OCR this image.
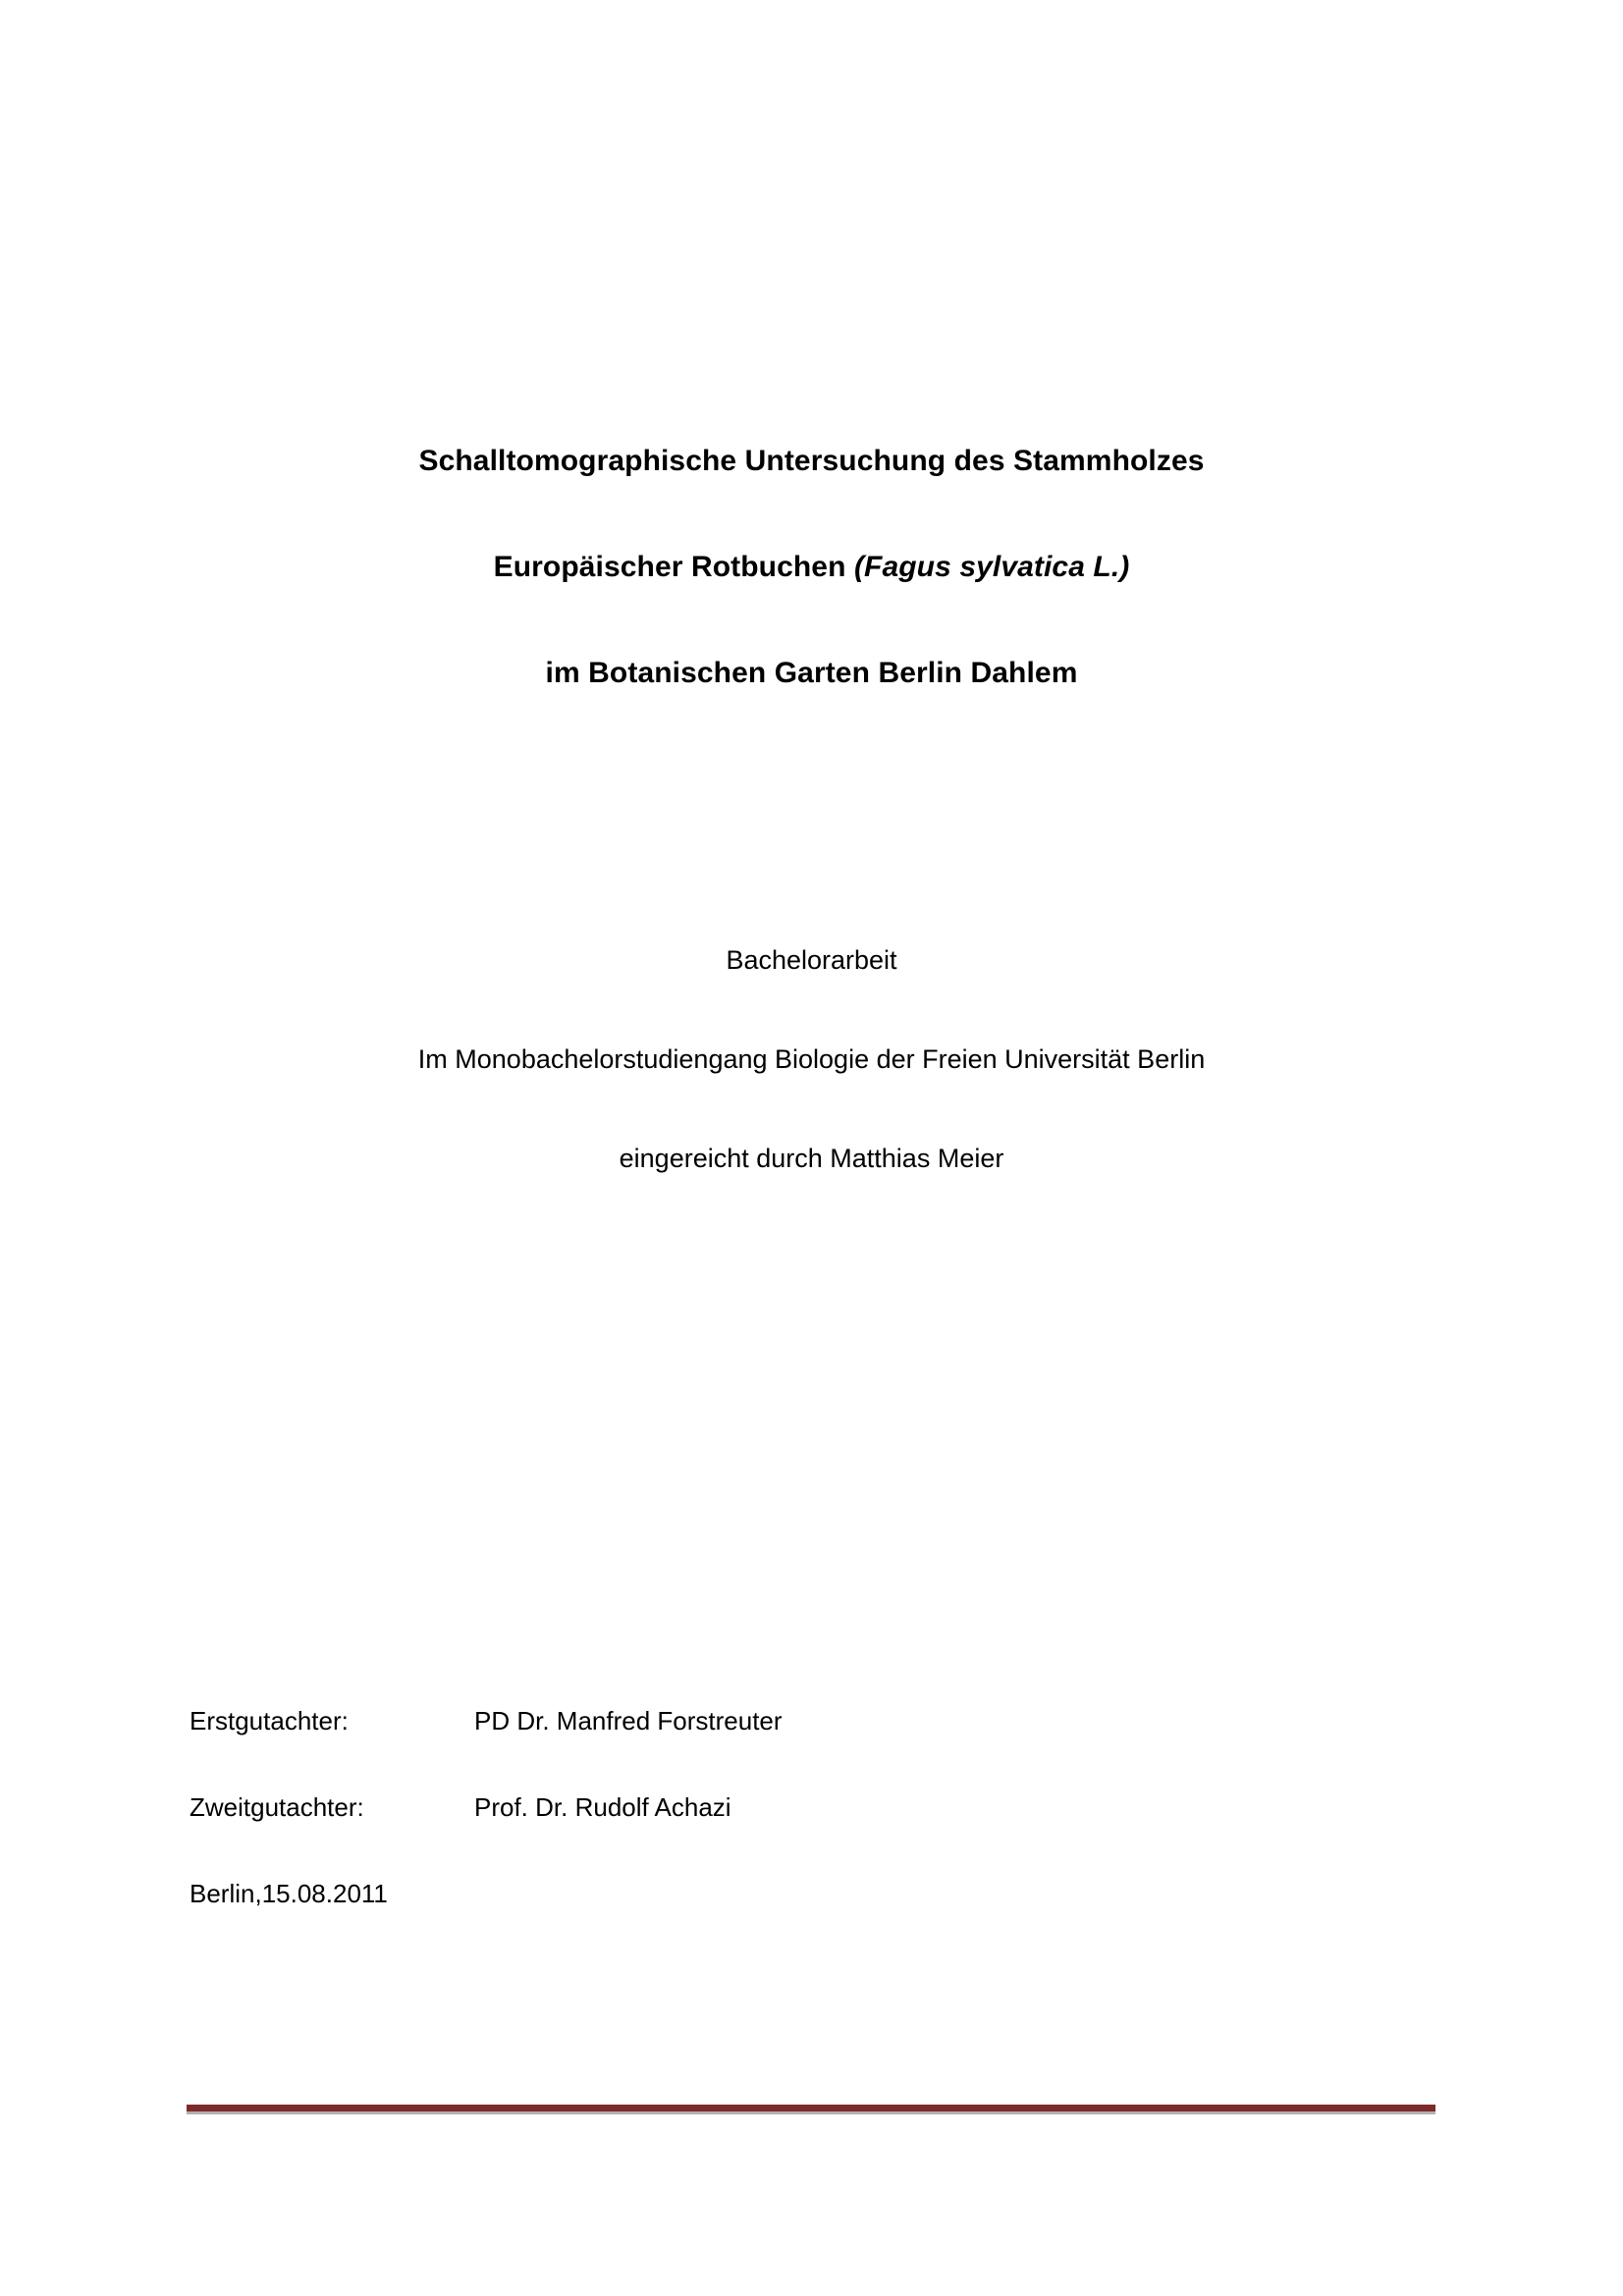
Schalltomographische Untersuchung des Stammholzes
Europäischer Rotbuchen (Fagus sylvatica L.)
im Botanischen Garten Berlin Dahlem
Bachelorarbeit
Im Monobachelorstudiengang Biologie der Freien Universität Berlin
eingereicht durch Matthias Meier
Erstgutachter:	PD Dr. Manfred Forstreuter
Zweitgutachter:	Prof. Dr. Rudolf Achazi
Berlin,15.08.2011
